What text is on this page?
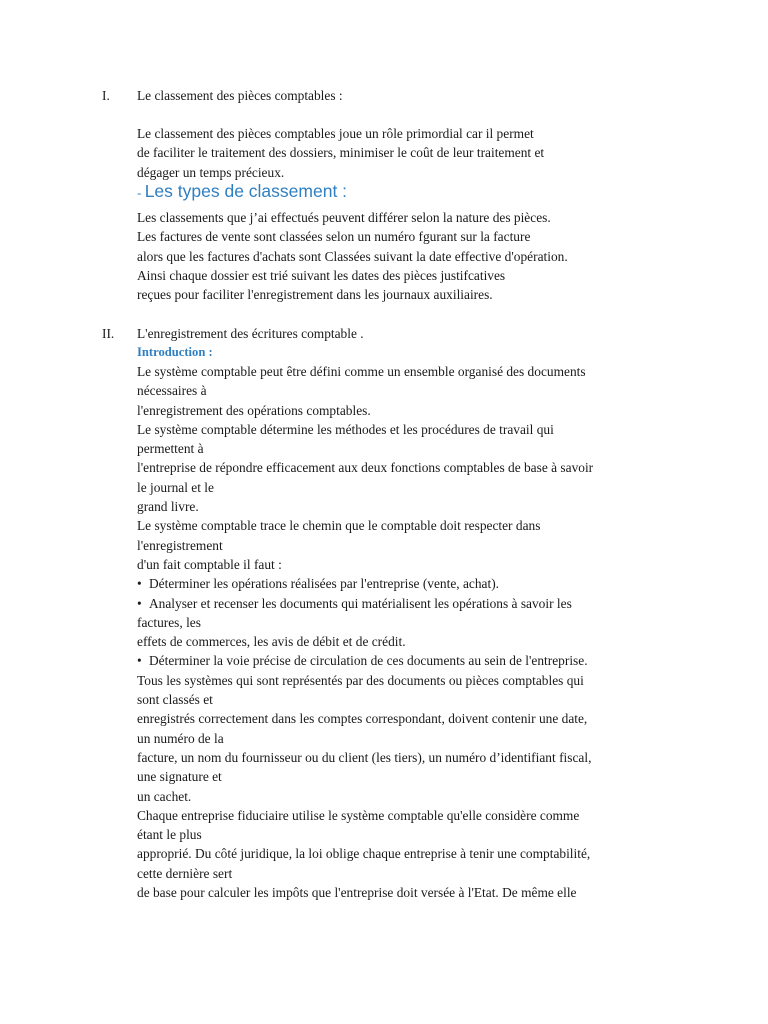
I.	Le classement des pièces comptables :

Le classement des pièces comptables joue un rôle primordial car il permet

de faciliter le traitement des dossiers, minimiser le coût de leur traitement et

dégager un temps précieux.

- Les types de classement :

Les classements que j’ai effectués peuvent différer selon la nature des pièces.

Les factures de vente sont classées selon un numéro fgurant sur la facture

alors que les factures d'achats sont Classées suivant la date effective d'opération.

Ainsi chaque dossier est trié suivant les dates des pièces justifcatives

reçues pour faciliter l'enregistrement dans les journaux auxiliaires.

II.	L'enregistrement des écritures comptable .
Introduction :

Le système comptable peut être défini comme un ensemble organisé des documents

nécessaires à

l'enregistrement des opérations comptables.

Le système comptable détermine les méthodes et les procédures de travail qui

permettent à

l'entreprise de répondre efficacement aux deux fonctions comptables de base à savoir

le journal et le

grand livre.

Le système comptable trace le chemin que le comptable doit respecter dans

l'enregistrement

d'un fait comptable il faut :

• Déterminer les opérations réalisées par l'entreprise (vente, achat).

• Analyser et recenser les documents qui matérialisent les opérations à savoir les

factures, les

effets de commerces, les avis de débit et de crédit.

• Déterminer la voie précise de circulation de ces documents au sein de l'entreprise.

Tous les systèmes qui sont représentés par des documents ou pièces comptables qui

sont classés et

enregistrés correctement dans les comptes correspondant, doivent contenir une date,

un numéro de la

facture, un nom du fournisseur ou du client (les tiers), un numéro d’identifiant fiscal,

une signature et

un cachet.

Chaque entreprise fiduciaire utilise le système comptable qu'elle considère comme

étant le plus

approprié. Du côté juridique, la loi oblige chaque entreprise à tenir une comptabilité,

cette dernière sert

de base pour calculer les impôts que l'entreprise doit versée à l'Etat. De même elle
